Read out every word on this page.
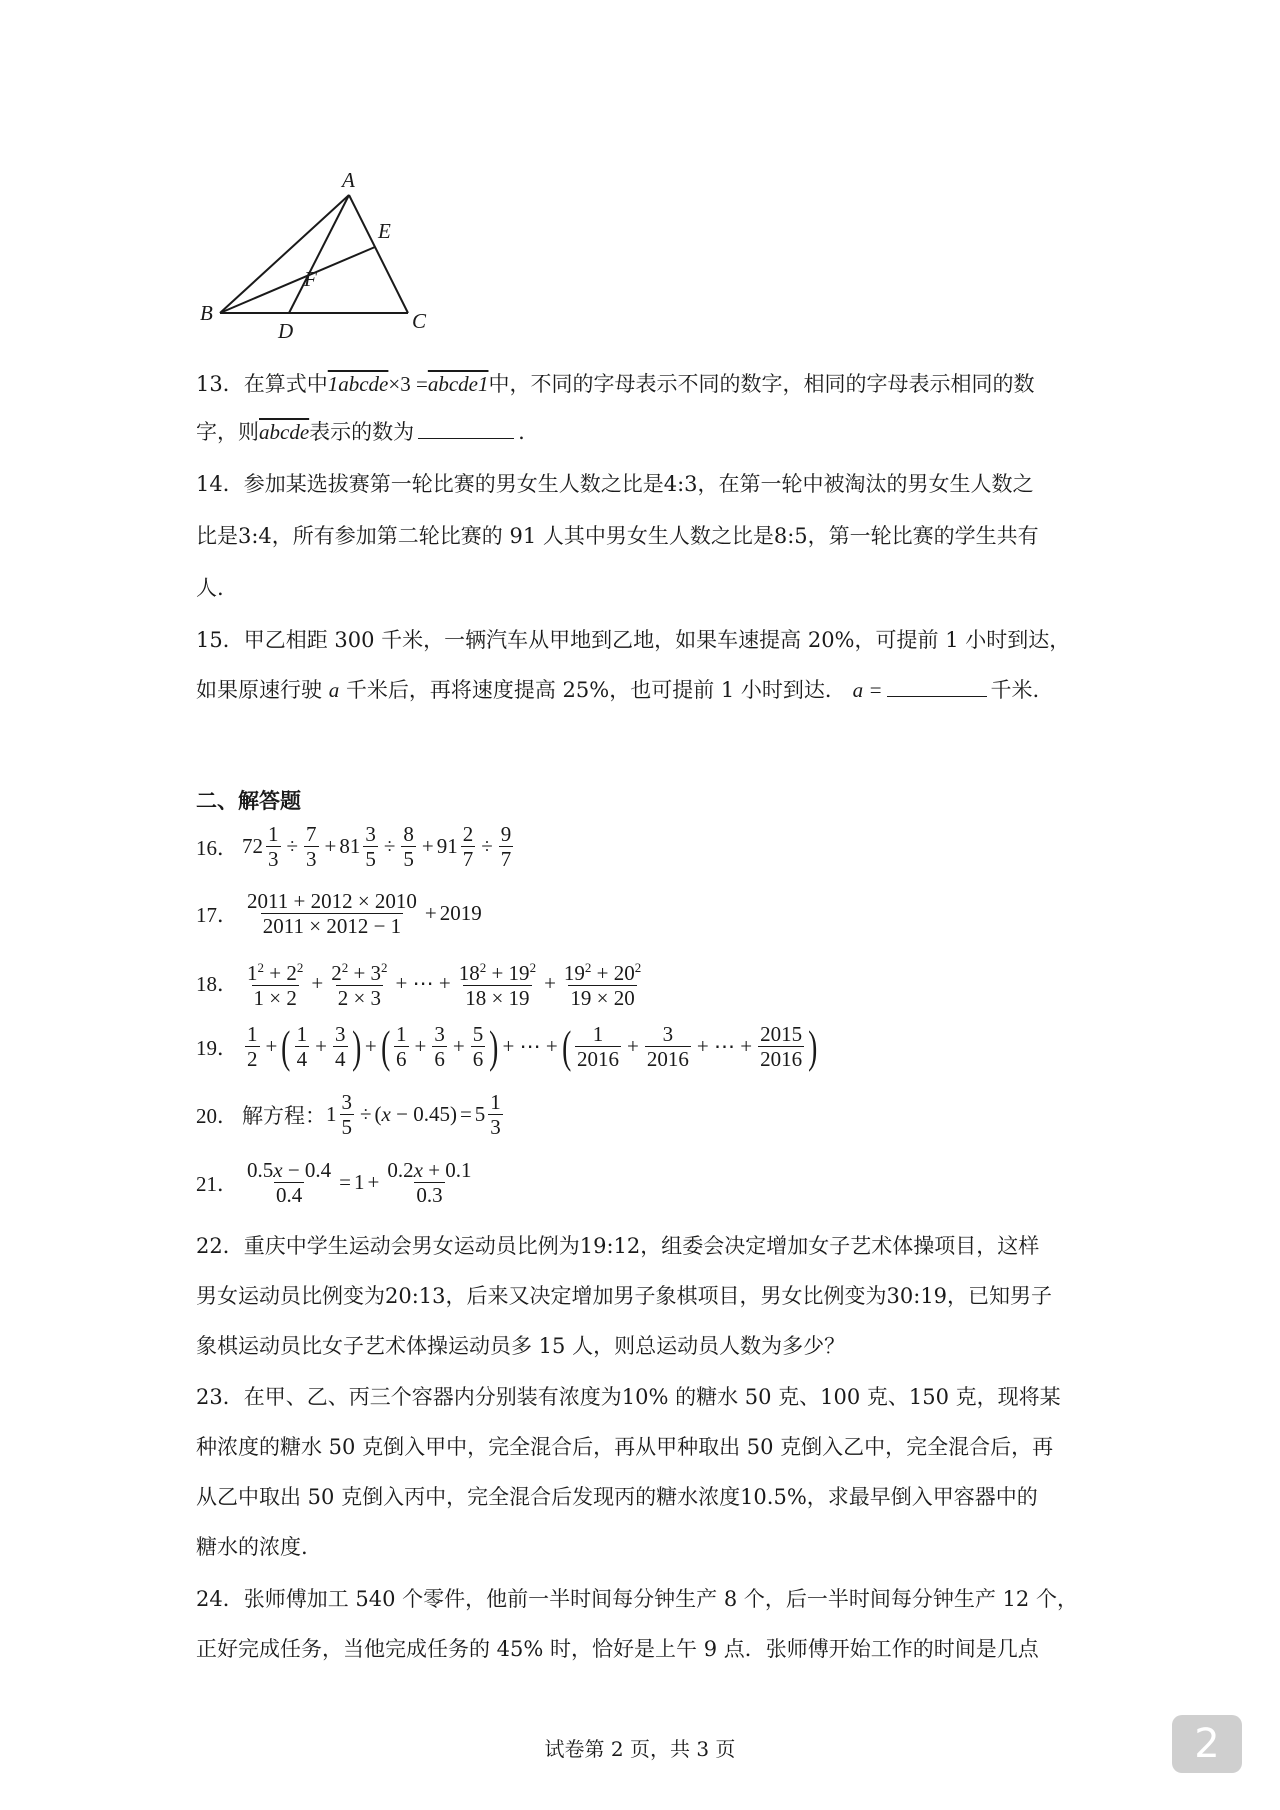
A
B	C
D
E
F
13．在算式中1abcde×3 =abcde1中，不同的字母表示不同的数字，相同的字母表示相同的数
字，则abcde表示的数为	.
14．参加某选拔赛第一轮比赛的男女生人数之比是4:3，在第一轮中被淘汰的男女生人数之
比是3:4，所有参加第二轮比赛的 91 人其中男女生人数之比是8:5，第一轮比赛的学生共有
人.
15．甲乙相距 300 千米，一辆汽车从甲地到乙地，如果车速提高 20%，可提前 1 小时到达，
如果原速行驶 a 千米后，再将速度提高 25%，也可提前 1 小时到达． a =	千米.
二、解答题
16． $72 \frac{1}{3} \div \frac{7}{3} + 81 \frac{3}{5} \div \frac{8}{5} + 91 \frac{2}{7} \div \frac{9}{7}$
17． $\frac{2011 + 2012 \times 2010}{2011 \times 2012 - 1} + 2019$
18． $\frac{1^2 + 2^2}{1 \times 2} + \frac{2^2 + 3^2}{2 \times 3}$ + ⋯ + $\frac{18^2 + 19^2}{18 \times 19} + \frac{19^2 + 20^2}{19 \times 20}$
19． $\frac{1}{2}$ + ( $\frac{1}{4} + \frac{3}{4}$ ) + ( $\frac{1}{6} + \frac{3}{6} + \frac{5}{6}$ ) + ⋯ + ( $\frac{1}{2016} + \frac{3}{2016}$ + ⋯ + $\frac{2015}{2016}$ )
20． 解方程： $1 \frac{3}{5}$ ÷ ( $x - 0.45) = 5 \frac{1}{3}$
21． $\frac{0.5x - 0.4}{0.4} = 1 + \frac{0.2x + 0.1}{0.3}$
22．重庆中学生运动会男女运动员比例为19:12，组委会决定增加女子艺术体操项目，这样
男女运动员比例变为20:13，后来又决定增加男子象棋项目，男女比例变为30:19，已知男子
象棋运动员比女子艺术体操运动员多 15 人，则总运动员人数为多少？
23．在甲、乙、丙三个容器内分别装有浓度为10% 的糖水 50 克、100 克、150 克，现将某
种浓度的糖水 50 克倒入甲中，完全混合后，再从甲种取出 50 克倒入乙中，完全混合后，再
从乙中取出 50 克倒入丙中，完全混合后发现丙的糖水浓度10.5%，求最早倒入甲容器中的
糖水的浓度.
24．张师傅加工 540 个零件，他前一半时间每分钟生产 8 个，后一半时间每分钟生产 12 个，
正好完成任务，当他完成任务的 45% 时，恰好是上午 9 点．张师傅开始工作的时间是几点
试卷第 2 页，共 3 页	2
